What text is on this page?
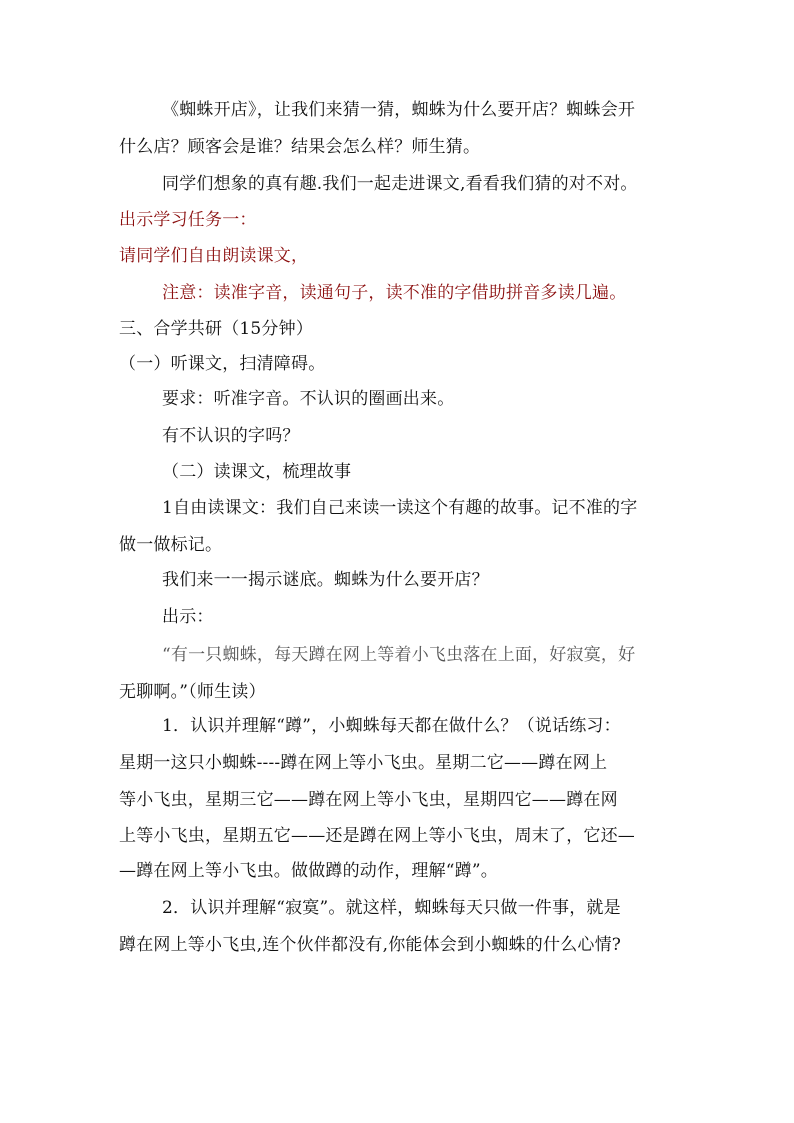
《蜘蛛开店》，让我们来猜一猜，蜘蛛为什么要开店？蜘蛛会开
什么店？顾客会是谁？结果会怎么样？师生猜。
同学们想象的真有趣.我们一起走进课文,看看我们猜的对不对。
出示学习任务一：
请同学们自由朗读课文，
注意：读准字音，读通句子，读不准的字借助拼音多读几遍。
三、合学共研（15分钟）
（一）听课文，扫清障碍。
要求：听准字音。不认识的圈画出来。
有不认识的字吗？
（二）读课文，梳理故事
1自由读课文：我们自己来读一读这个有趣的故事。记不准的字
做一做标记。
我们来一一揭示谜底。蜘蛛为什么要开店？
出示：
“有一只蜘蛛，每天蹲在网上等着小飞虫落在上面，好寂寞，好
无聊啊。”（师生读）
1．认识并理解“蹲”，小蜘蛛每天都在做什么？（说话练习：
星期一这只小蜘蛛----蹲在网上等小飞虫。星期二它——蹲在网上
等小飞虫，星期三它——蹲在网上等小飞虫，星期四它——蹲在网
上等小飞虫，星期五它——还是蹲在网上等小飞虫，周末了，它还—
—蹲在网上等小飞虫。做做蹲的动作，理解“蹲”。
2．认识并理解“寂寞”。就这样，蜘蛛每天只做一件事，就是
蹲在网上等小飞虫,连个伙伴都没有,你能体会到小蜘蛛的什么心情?
